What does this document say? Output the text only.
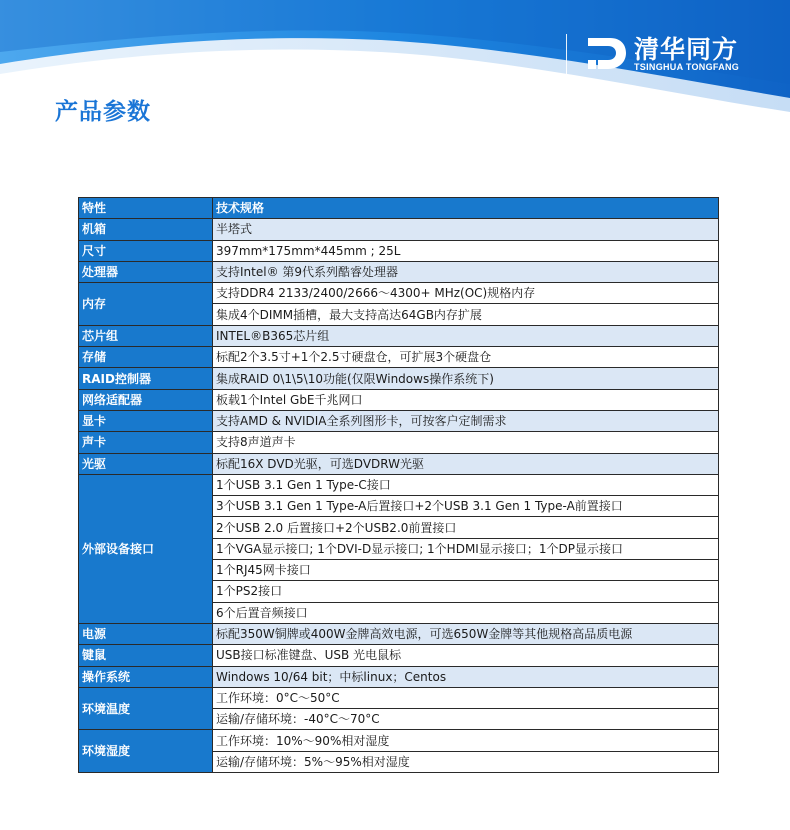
清华同方
TSINGHUA TONGFANG
产品参数
特性	技术规格
机箱	半塔式
尺寸	397mm*175mm*445mm ; 25L
处理器	支持Intel® 第9代系列酷睿处理器
内存	支持DDR4 2133/2400/2666～4300+ MHz(OC)规格内存
	集成4个DIMM插槽，最大支持高达64GB内存扩展
芯片组	INTEL®B365芯片组
存储	标配2个3.5寸+1个2.5寸硬盘仓，可扩展3个硬盘仓
RAID控制器	集成RAID 0\1\5\10功能(仅限Windows操作系统下)
网络适配器	板载1个Intel GbE千兆网口
显卡	支持AMD & NVIDIA全系列图形卡，可按客户定制需求
声卡	支持8声道声卡
光驱	标配16X DVD光驱，可选DVDRW光驱
外部设备接口	1个USB 3.1 Gen 1 Type-C接口
	3个USB 3.1 Gen 1 Type-A后置接口+2个USB 3.1 Gen 1 Type-A前置接口
	2个USB 2.0 后置接口+2个USB2.0前置接口
	1个VGA显示接口; 1个DVI-D显示接口; 1个HDMI显示接口；1个DP显示接口
	1个RJ45网卡接口
	1个PS2接口
	6个后置音频接口
电源	标配350W铜牌或400W金牌高效电源，可选650W金牌等其他规格高品质电源
键鼠	USB接口标准键盘、USB 光电鼠标
操作系统	Windows 10/64 bit；中标linux；Centos
环境温度	工作环境：0°C～50°C
	运输/存储环境：-40°C～70°C
环境湿度	工作环境：10%～90%相对湿度
	运输/存储环境：5%～95%相对湿度
